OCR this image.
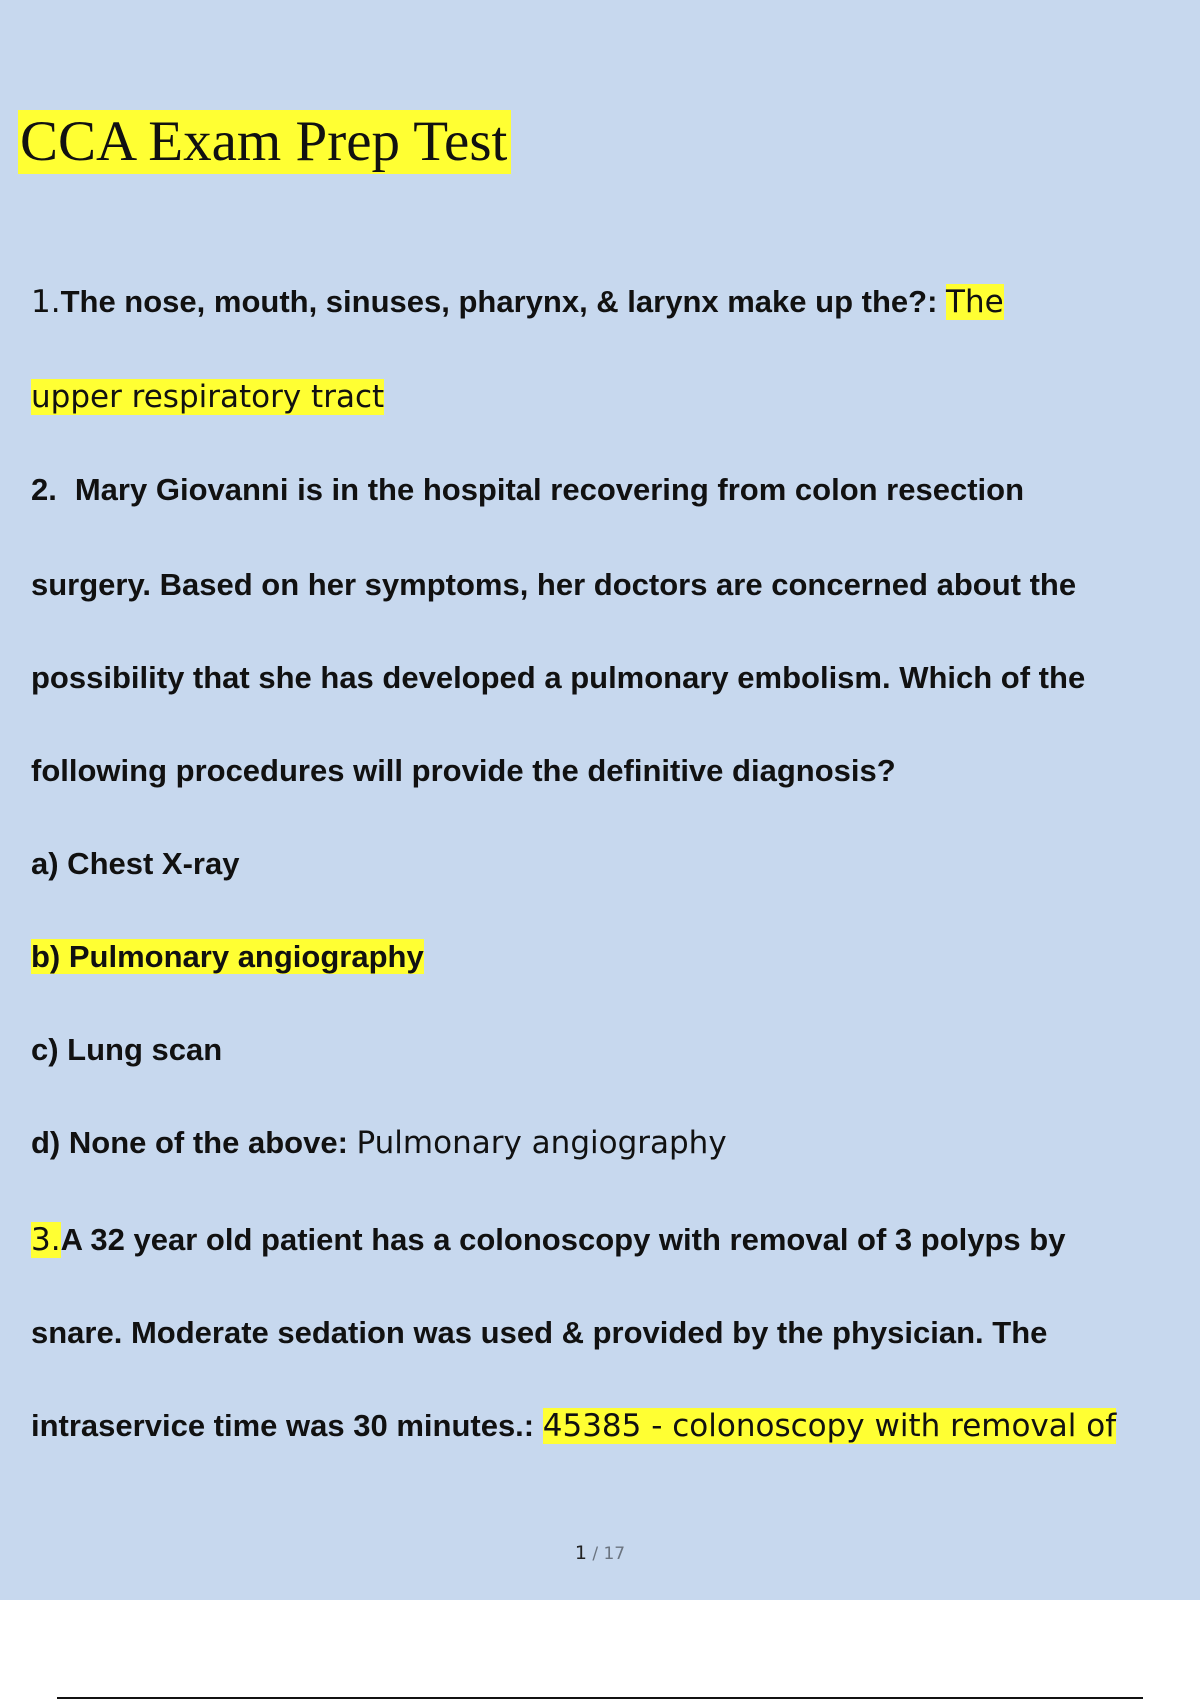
CCA Exam Prep Test

1.The nose, mouth, sinuses, pharynx, & larynx make up the?: The

upper respiratory tract

2. Mary Giovanni is in the hospital recovering from colon resection

surgery. Based on her symptoms, her doctors are concerned about the

possibility that she has developed a pulmonary embolism. Which of the

following procedures will provide the definitive diagnosis?

a) Chest X-ray

b) Pulmonary angiography

c) Lung scan

d) None of the above: Pulmonary angiography

3.A 32 year old patient has a colonoscopy with removal of 3 polyps by

snare. Moderate sedation was used & provided by the physician. The

intraservice time was 30 minutes.: 45385 - colonoscopy with removal of

1 / 17
